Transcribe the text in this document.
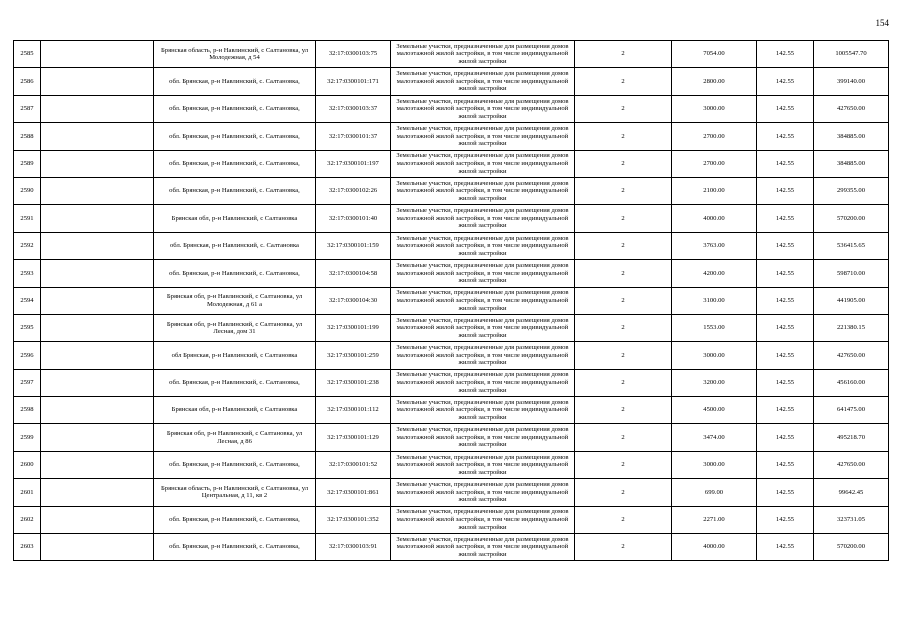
154
2585		Брянская область, р-н Навлинский, с Салтановка, ул Молодежная, д 54	32:17:0300103:75	Земельные участки, предназначенные для размещения домов малоэтажной жилой застройки, в том числе индивидуальной жилой застройки	2	7054.00	142.55	1005547.70
2586		обл. Брянская, р-н Навлинский, с. Салтановка,	32:17:0300101:171	Земельные участки, предназначенные для размещения домов малоэтажной жилой застройки, в том числе индивидуальной жилой застройки	2	2800.00	142.55	399140.00
2587		обл. Брянская, р-н Навлинский, с. Салтановка,	32:17:0300103:37	Земельные участки, предназначенные для размещения домов малоэтажной жилой застройки, в том числе индивидуальной жилой застройки	2	3000.00	142.55	427650.00
2588		обл. Брянская, р-н Навлинский, с. Салтановка,	32:17:0300101:37	Земельные участки, предназначенные для размещения домов малоэтажной жилой застройки, в том числе индивидуальной жилой застройки	2	2700.00	142.55	384885.00
2589		обл. Брянская, р-н Навлинский, с. Салтановка,	32:17:0300101:197	Земельные участки, предназначенные для размещения домов малоэтажной жилой застройки, в том числе индивидуальной жилой застройки	2	2700.00	142.55	384885.00
2590		обл. Брянская, р-н Навлинский, с. Салтановка,	32:17:0300102:26	Земельные участки, предназначенные для размещения домов малоэтажной жилой застройки, в том числе индивидуальной жилой застройки	2	2100.00	142.55	299355.00
2591		Брянская обл, р-н Навлинский, с Салтановка	32:17:0300101:40	Земельные участки, предназначенные для размещения домов малоэтажной жилой застройки, в том числе индивидуальной жилой застройки	2	4000.00	142.55	570200.00
2592		обл. Брянская, р-н Навлинский, с. Салтановка	32:17:0300101:159	Земельные участки, предназначенные для размещения домов малоэтажной жилой застройки, в том числе индивидуальной жилой застройки	2	3763.00	142.55	536415.65
2593		обл. Брянская, р-н Навлинский, с. Салтановка,	32:17:0300104:58	Земельные участки, предназначенные для размещения домов малоэтажной жилой застройки, в том числе индивидуальной жилой застройки	2	4200.00	142.55	598710.00
2594		Брянская обл, р-н Навлинский, с Салтановка, ул Молодежная, д 61 а	32:17:0300104:30	Земельные участки, предназначенные для размещения домов малоэтажной жилой застройки, в том числе индивидуальной жилой застройки	2	3100.00	142.55	441905.00
2595		Брянская обл, р-н Навлинский, с Салтановка, ул Лесная, дом 31	32:17:0300101:199	Земельные участки, предназначенные для размещения домов малоэтажной жилой застройки, в том числе индивидуальной жилой застройки	2	1553.00	142.55	221380.15
2596		обл Брянская, р-н Навлинский, с Салтановка	32:17:0300101:259	Земельные участки, предназначенные для размещения домов малоэтажной жилой застройки, в том числе индивидуальной жилой застройки	2	3000.00	142.55	427650.00
2597		обл. Брянская, р-н Навлинский, с. Салтановка,	32:17:0300101:238	Земельные участки, предназначенные для размещения домов малоэтажной жилой застройки, в том числе индивидуальной жилой застройки	2	3200.00	142.55	456160.00
2598		Брянская обл, р-н Навлинский, с Салтановка	32:17:0300101:112	Земельные участки, предназначенные для размещения домов малоэтажной жилой застройки, в том числе индивидуальной жилой застройки	2	4500.00	142.55	641475.00
2599		Брянская обл, р-н Навлинский, с Салтановка, ул Лесная, д 86	32:17:0300101:129	Земельные участки, предназначенные для размещения домов малоэтажной жилой застройки, в том числе индивидуальной жилой застройки	2	3474.00	142.55	495218.70
2600		обл. Брянская, р-н Навлинский, с. Салтановка,	32:17:0300101:52	Земельные участки, предназначенные для размещения домов малоэтажной жилой застройки, в том числе индивидуальной жилой застройки	2	3000.00	142.55	427650.00
2601		Брянская область, р-н Навлинский, с Салтановка, ул Центральная, д 11, кв 2	32:17:0300101:861	Земельные участки, предназначенные для размещения домов малоэтажной жилой застройки, в том числе индивидуальной жилой застройки	2	699.00	142.55	99642.45
2602		обл. Брянская, р-н Навлинский, с. Салтановка,	32:17:0300101:352	Земельные участки, предназначенные для размещения домов малоэтажной жилой застройки, в том числе индивидуальной жилой застройки	2	2271.00	142.55	323731.05
2603		обл. Брянская, р-н Навлинский, с. Салтановка,	32:17:0300103:91	Земельные участки, предназначенные для размещения домов малоэтажной жилой застройки, в том числе индивидуальной жилой застройки	2	4000.00	142.55	570200.00
